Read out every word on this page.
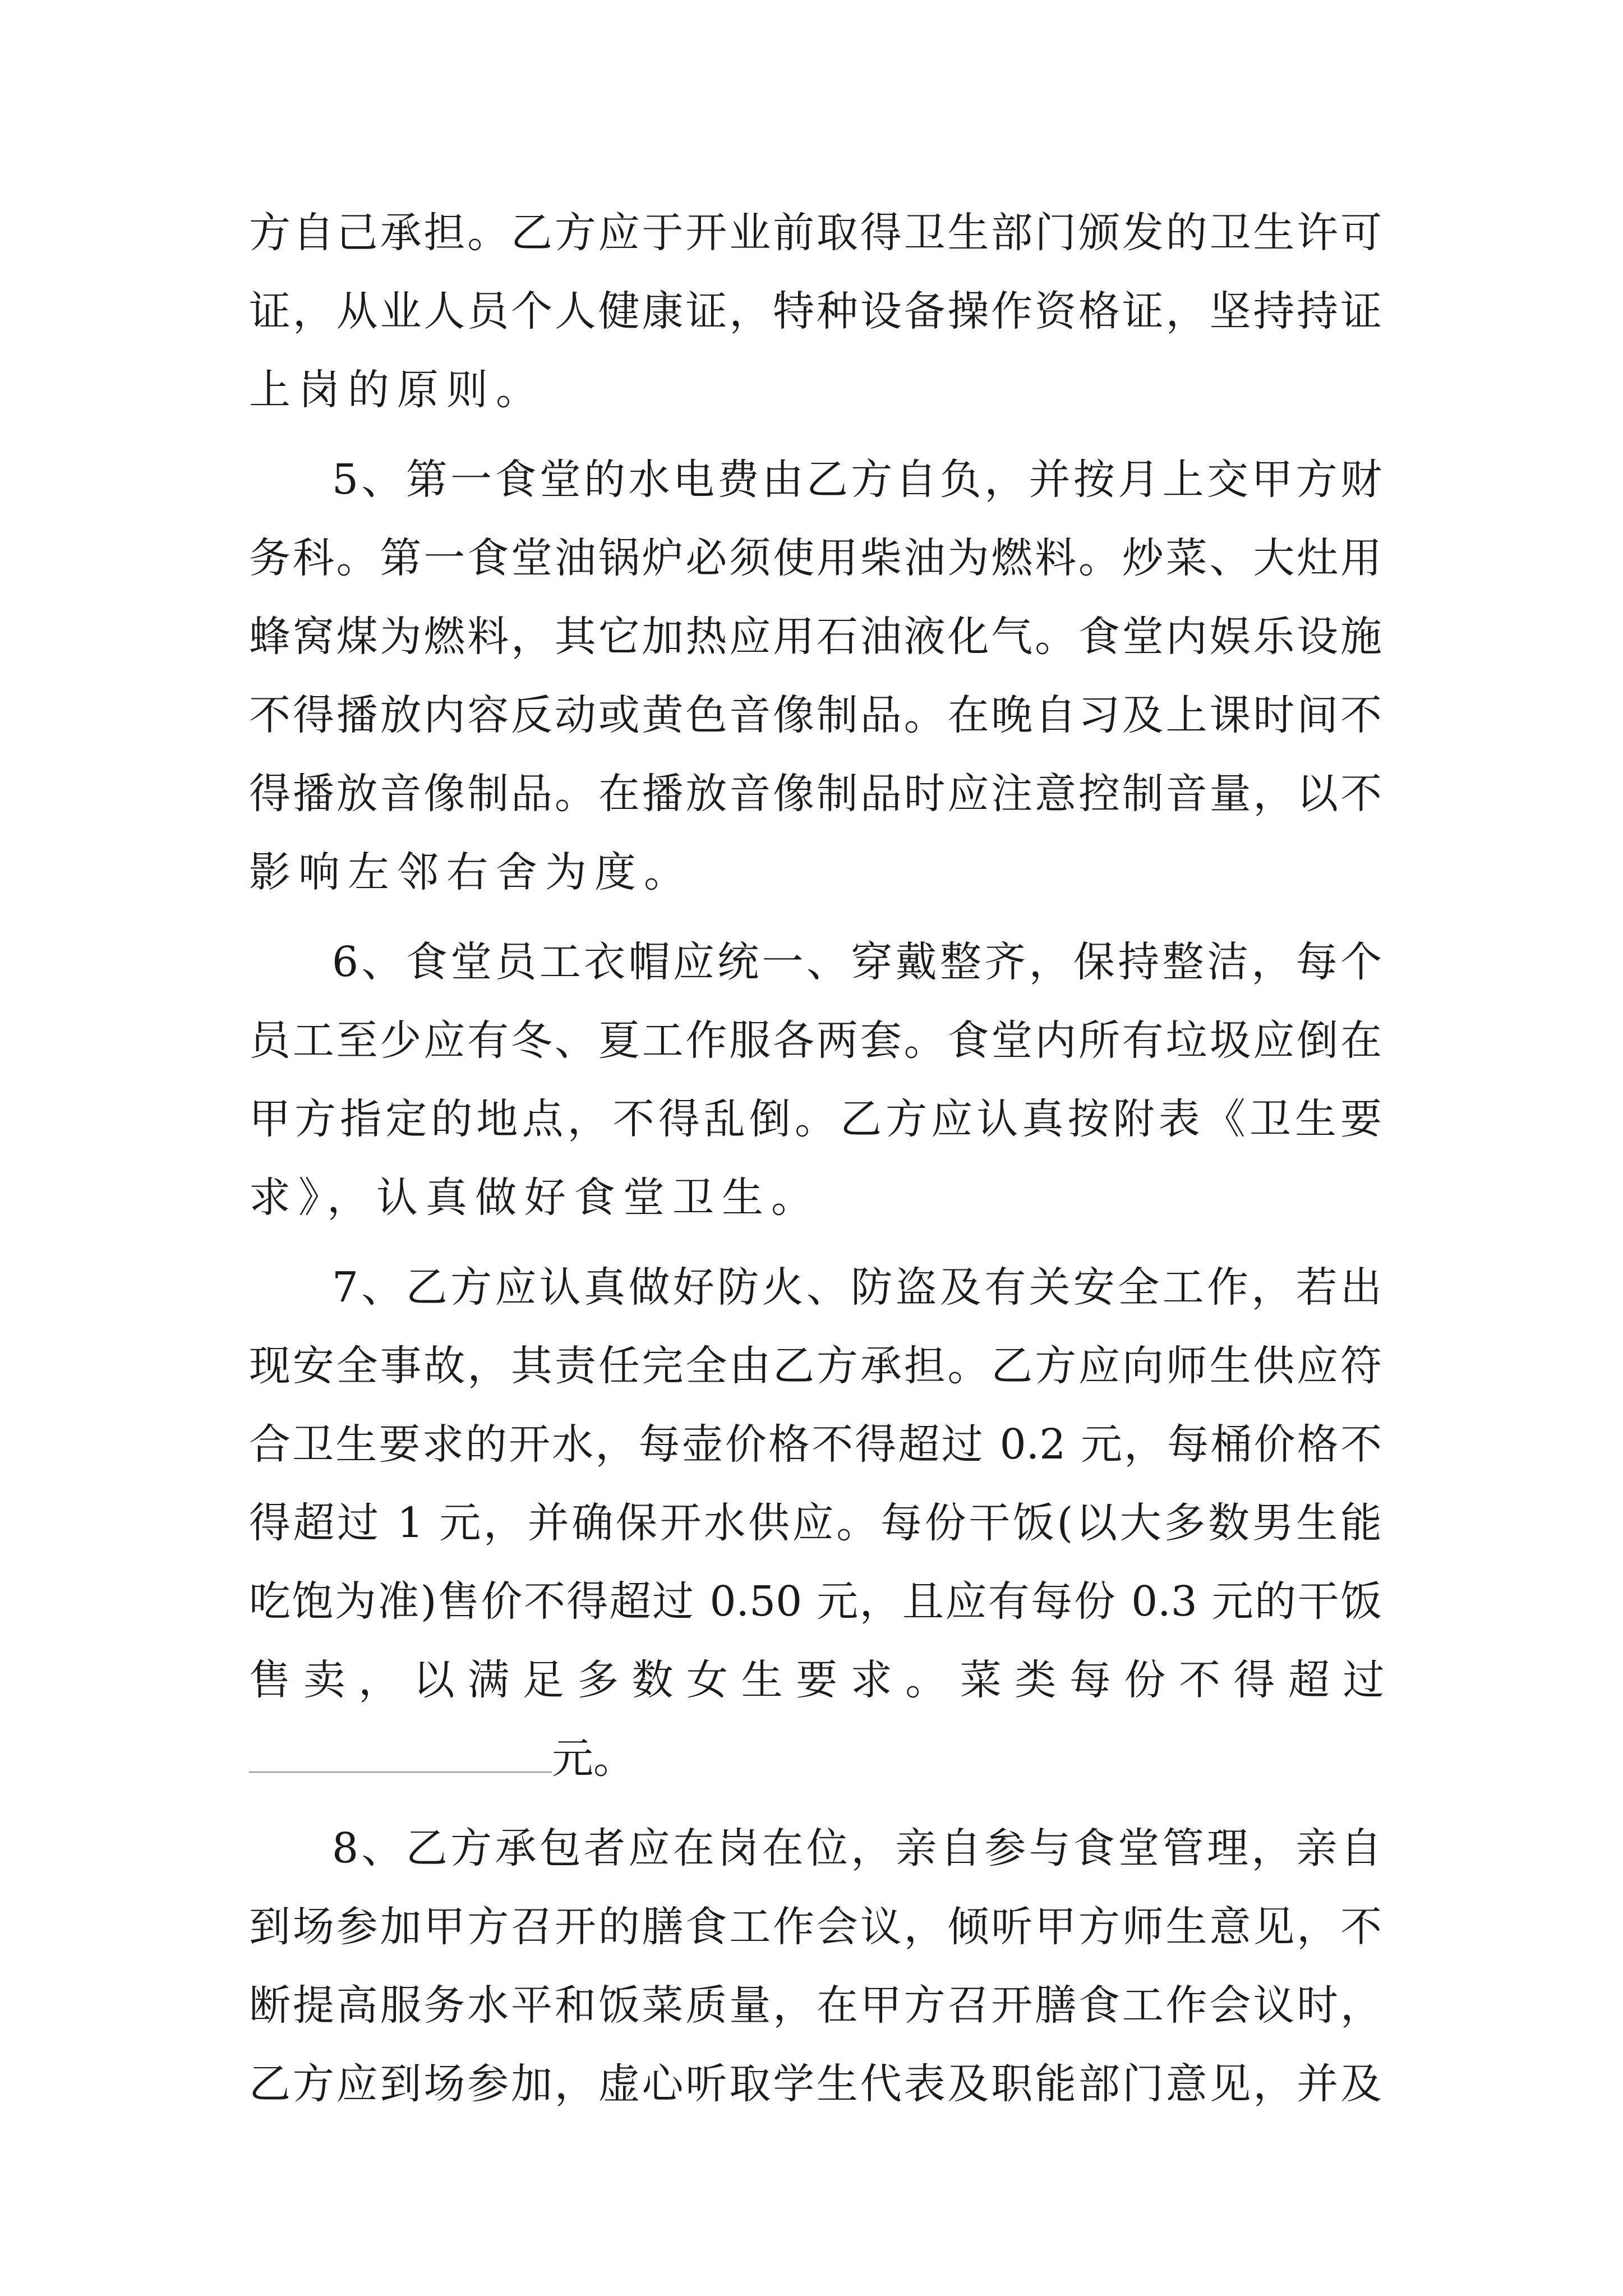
方自己承担。乙方应于开业前取得卫生部门颁发的卫生许可
证，从业人员个人健康证，特种设备操作资格证，坚持持证
上岗的原则。
5、第一食堂的水电费由乙方自负，并按月上交甲方财
务科。第一食堂油锅炉必须使用柴油为燃料。炒菜、大灶用
蜂窝煤为燃料，其它加热应用石油液化气。食堂内娱乐设施
不得播放内容反动或黄色音像制品。在晚自习及上课时间不
得播放音像制品。在播放音像制品时应注意控制音量，以不
影响左邻右舍为度。
6、食堂员工衣帽应统一、穿戴整齐，保持整洁，每个
员工至少应有冬、夏工作服各两套。食堂内所有垃圾应倒在
甲方指定的地点，不得乱倒。乙方应认真按附表《卫生要
求》，认真做好食堂卫生。
7、乙方应认真做好防火、防盗及有关安全工作，若出
现安全事故，其责任完全由乙方承担。乙方应向师生供应符
合卫生要求的开水，每壶价格不得超过 0.2 元，每桶价格不
得超过 1 元，并确保开水供应。每份干饭(以大多数男生能
吃饱为准)售价不得超过 0.50 元，且应有每份 0.3 元的干饭
售 卖 ， 以 满 足 多 数 女 生 要 求 。 菜 类 每 份 不 得 超 过
元。
8、乙方承包者应在岗在位，亲自参与食堂管理，亲自
到场参加甲方召开的膳食工作会议，倾听甲方师生意见，不
断提高服务水平和饭菜质量，在甲方召开膳食工作会议时，
乙方应到场参加，虚心听取学生代表及职能部门意见，并及
